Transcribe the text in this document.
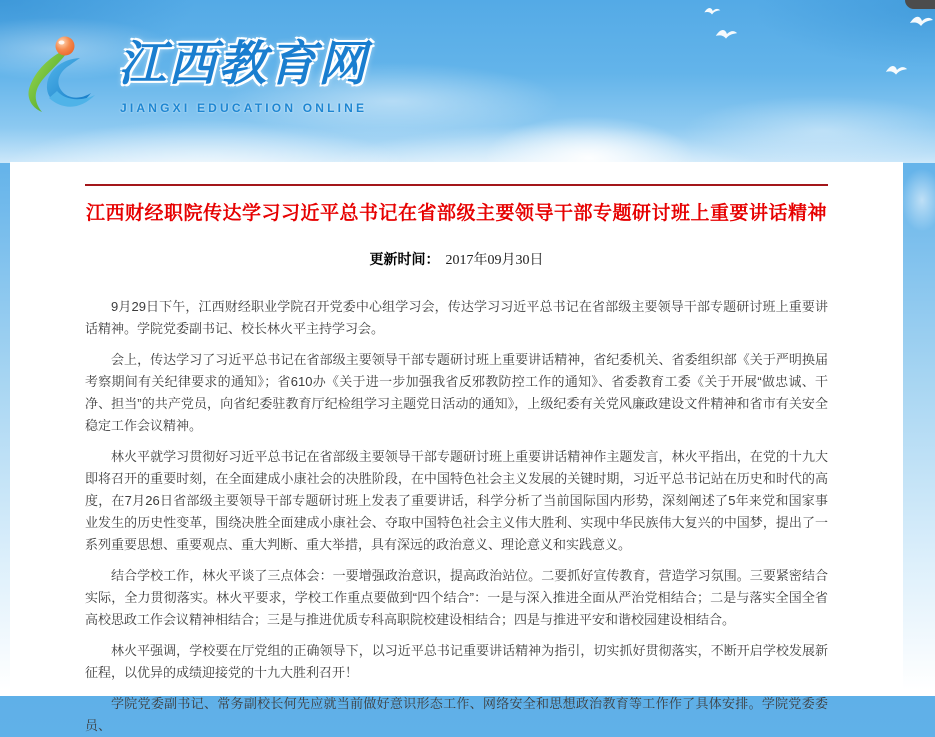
江西教育网
JIANGXI EDUCATION ONLINE
江西财经职院传达学习习近平总书记在省部级主要领导干部专题研讨班上重要讲话精神
更新时间： 2017年09月30日

9月29日下午，江西财经职业学院召开党委中心组学习会，传达学习习近平总书记在省部级主要领导干部专题研讨班上重要讲话精神。学院党委副书记、校长林火平主持学习会。

会上，传达学习了习近平总书记在省部级主要领导干部专题研讨班上重要讲话精神，省纪委机关、省委组织部《关于严明换届考察期间有关纪律要求的通知》；省610办《关于进一步加强我省反邪教防控工作的通知》、省委教育工委《关于开展“做忠诚、干净、担当”的共产党员，向省纪委驻教育厅纪检组学习主题党日活动的通知》，上级纪委有关党风廉政建设文件精神和省市有关安全稳定工作会议精神。

林火平就学习贯彻好习近平总书记在省部级主要领导干部专题研讨班上重要讲话精神作主题发言，林火平指出，在党的十九大即将召开的重要时刻，在全面建成小康社会的决胜阶段，在中国特色社会主义发展的关键时期，习近平总书记站在历史和时代的高度，在7月26日省部级主要领导干部专题研讨班上发表了重要讲话，科学分析了当前国际国内形势，深刻阐述了5年来党和国家事业发生的历史性变革，围绕决胜全面建成小康社会、夺取中国特色社会主义伟大胜利、实现中华民族伟大复兴的中国梦，提出了一系列重要思想、重要观点、重大判断、重大举措，具有深远的政治意义、理论意义和实践意义。

结合学校工作，林火平谈了三点体会：一要增强政治意识，提高政治站位。二要抓好宣传教育，营造学习氛围。三要紧密结合实际，全力贯彻落实。林火平要求，学校工作重点要做到“四个结合”：一是与深入推进全面从严治党相结合；二是与落实全国全省高校思政工作会议精神相结合；三是与推进优质专科高职院校建设相结合；四是与推进平安和谐校园建设相结合。

林火平强调，学校要在厅党组的正确领导下，以习近平总书记重要讲话精神为指引，切实抓好贯彻落实，不断开启学校发展新征程，以优异的成绩迎接党的十九大胜利召开！

学院党委副书记、常务副校长何先应就当前做好意识形态工作、网络安全和思想政治教育等工作作了具体安排。学院党委委员、
